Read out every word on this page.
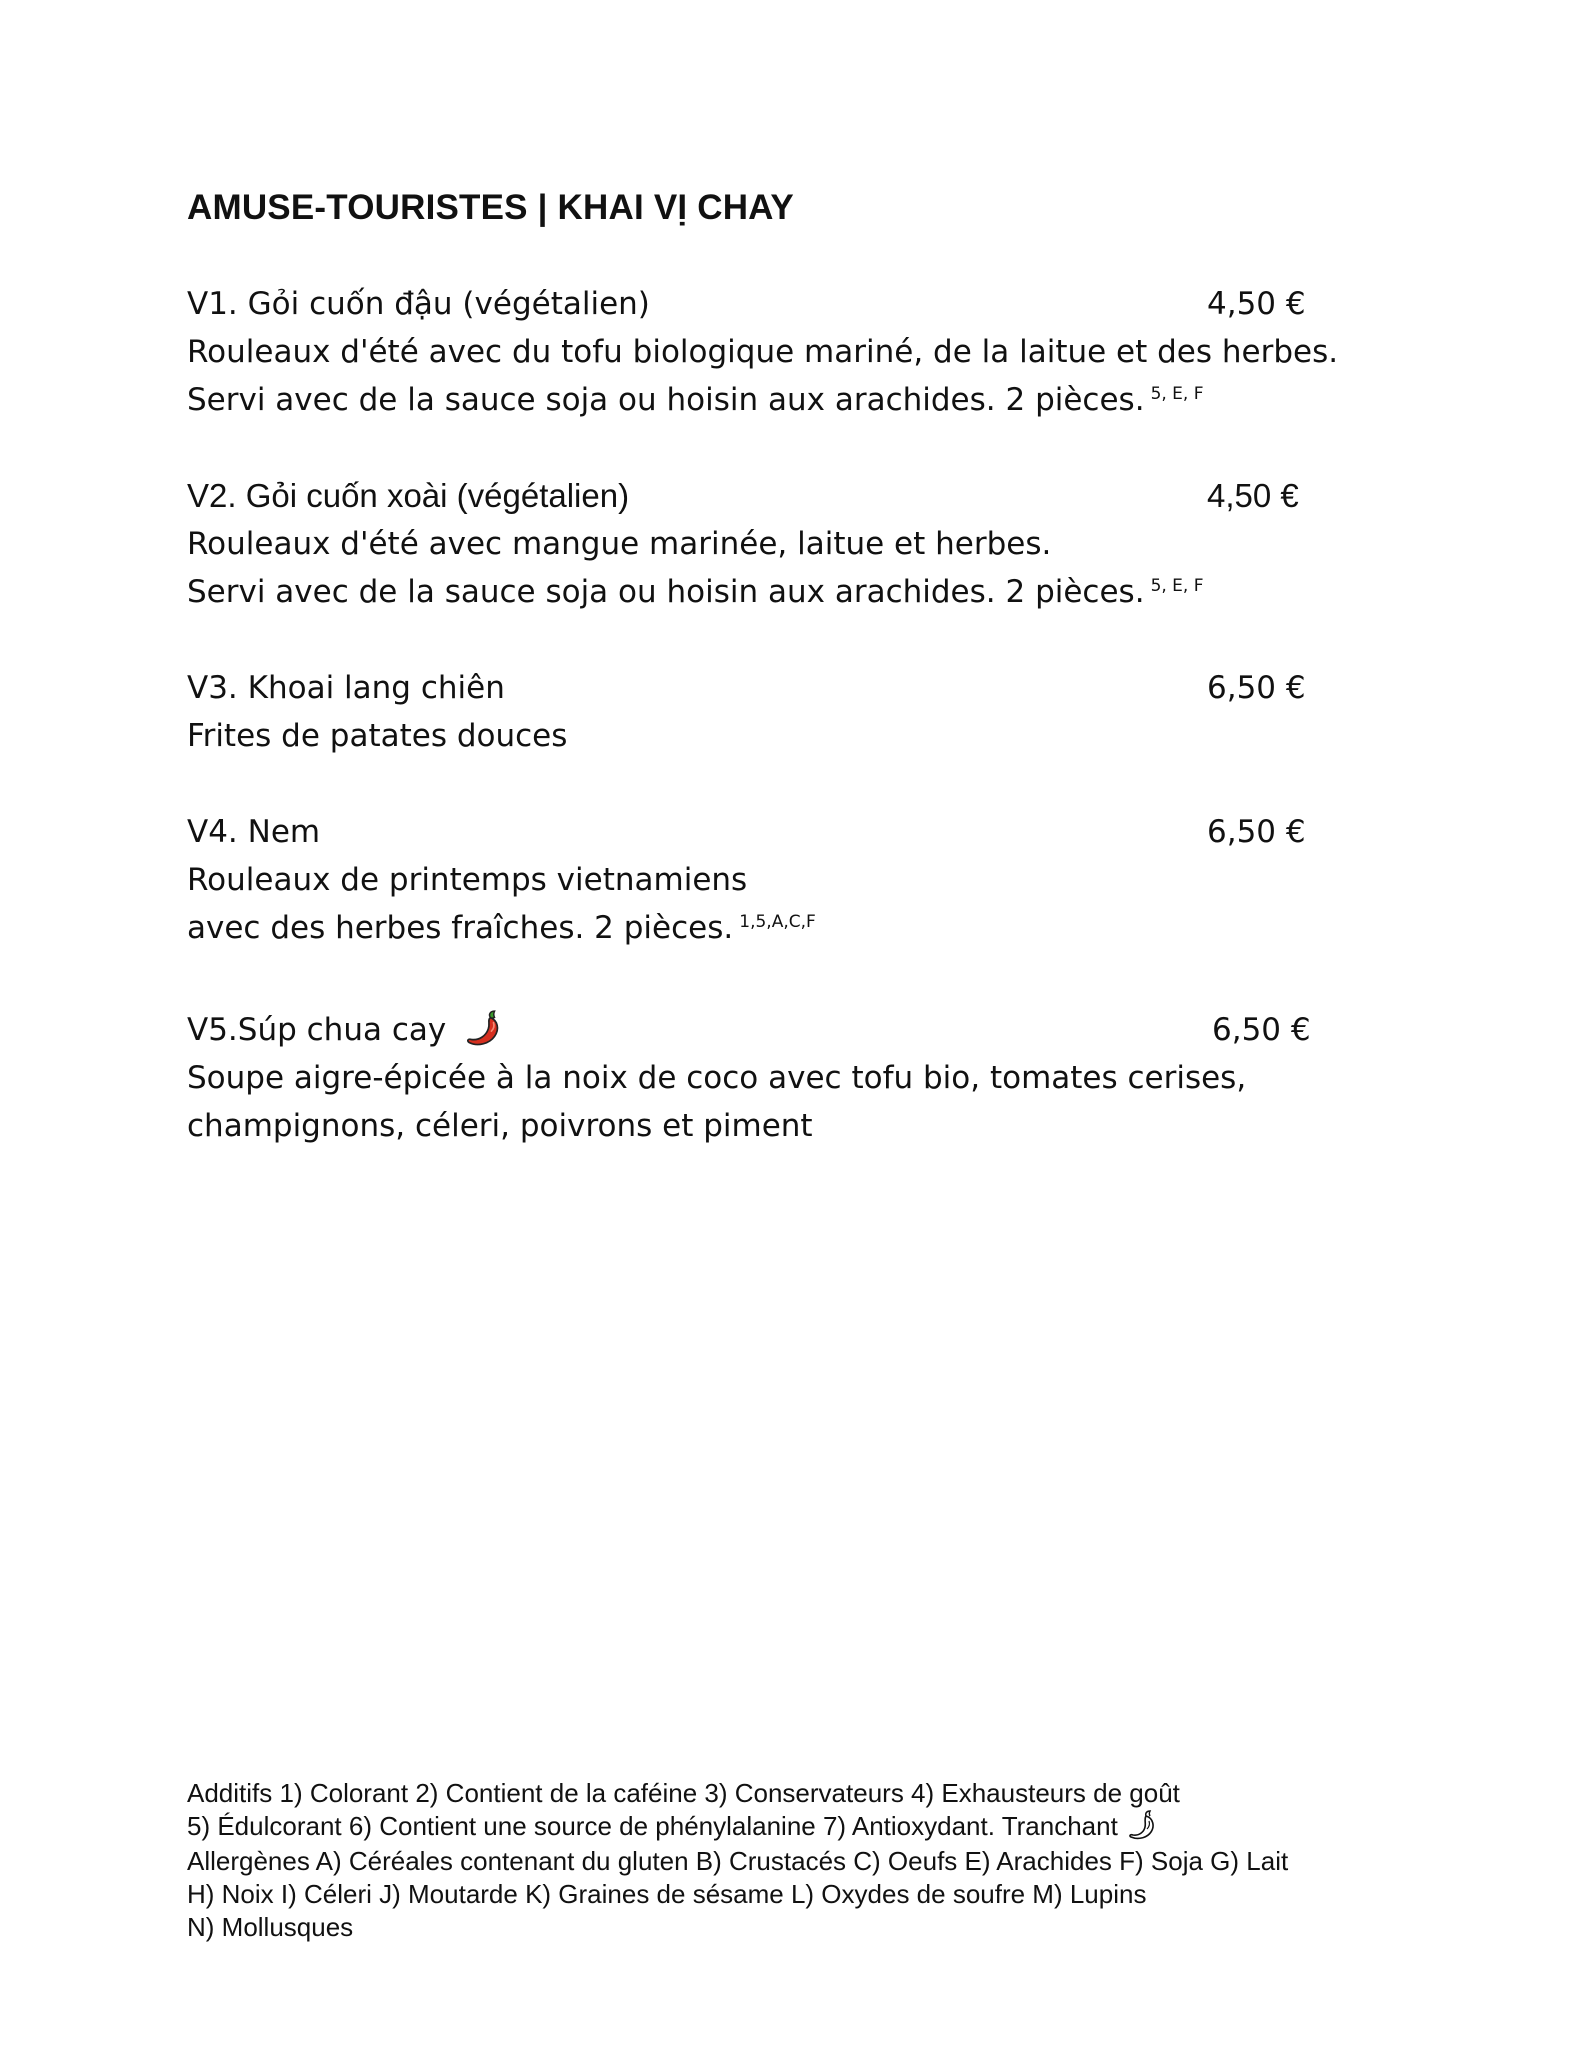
AMUSE-TOURISTES | KHAI VỊ CHAY
V1. Gỏi cuốn đậu (végétalien)	4,50 €
Rouleaux d'été avec du tofu biologique mariné, de la laitue et des herbes.
Servi avec de la sauce soja ou hoisin aux arachides. 2 pièces. $^{5, E, F}$
V2. Gỏi cuốn xoài (végétalien)	4,50 €
Rouleaux d'été avec mangue marinée, laitue et herbes.
Servi avec de la sauce soja ou hoisin aux arachides. 2 pièces. $^{5, E, F}$
V3. Khoai lang chiên	6,50 €
Frites de patates douces
V4. Nem	6,50 €
Rouleaux de printemps vietnamiens
avec des herbes fraîches. 2 pièces. $^{1,5,A,C,F}$
V5.Súp chua cay	6,50 €
Soupe aigre-épicée à la noix de coco avec tofu bio, tomates cerises,
champignons, céleri, poivrons et piment
Additifs 1) Colorant 2) Contient de la caféine 3) Conservateurs 4) Exhausteurs de goût
5) Édulcorant 6) Contient une source de phénylalanine 7) Antioxydant. Tranchant
Allergènes A) Céréales contenant du gluten B) Crustacés C) Oeufs E) Arachides F) Soja G) Lait
H) Noix I) Céleri J) Moutarde K) Graines de sésame L) Oxydes de soufre M) Lupins
N) Mollusques
